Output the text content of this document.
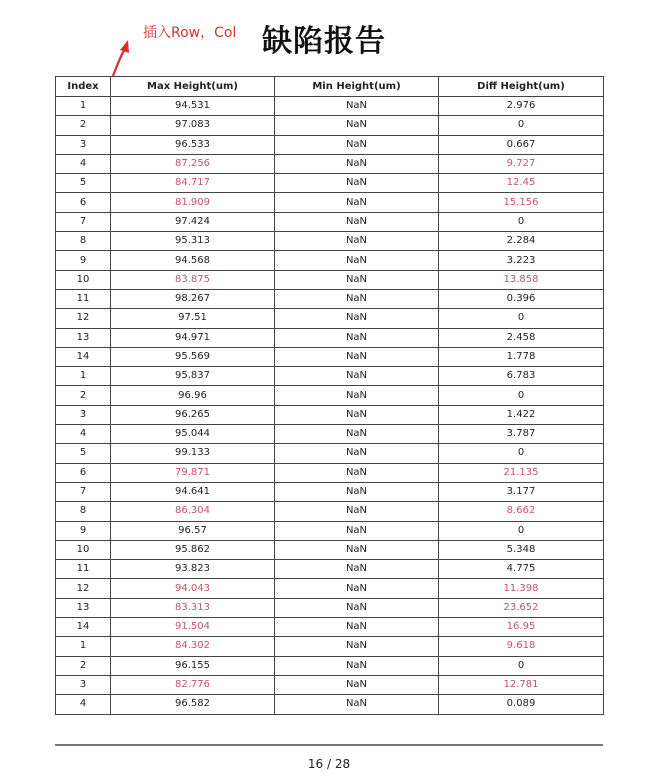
插入Row，Col 缺陷报告
Index	Max Height(um)	Min Height(um)	Diff Height(um)
1	94.531	NaN	2.976
2	97.083	NaN	0
3	96.533	NaN	0.667
4	87.256	NaN	9.727
5	84.717	NaN	12.45
6	81.909	NaN	15.156
7	97.424	NaN	0
8	95.313	NaN	2.284
9	94.568	NaN	3.223
10	83.875	NaN	13.858
11	98.267	NaN	0.396
12	97.51	NaN	0
13	94.971	NaN	2.458
14	95.569	NaN	1.778
1	95.837	NaN	6.783
2	96.96	NaN	0
3	96.265	NaN	1.422
4	95.044	NaN	3.787
5	99.133	NaN	0
6	79.871	NaN	21.135
7	94.641	NaN	3.177
8	86.304	NaN	8.662
9	96.57	NaN	0
10	95.862	NaN	5.348
11	93.823	NaN	4.775
12	94.043	NaN	11.398
13	83.313	NaN	23.652
14	91.504	NaN	16.95
1	84.302	NaN	9.618
2	96.155	NaN	0
3	82.776	NaN	12.781
4	96.582	NaN	0.089
16 / 28
